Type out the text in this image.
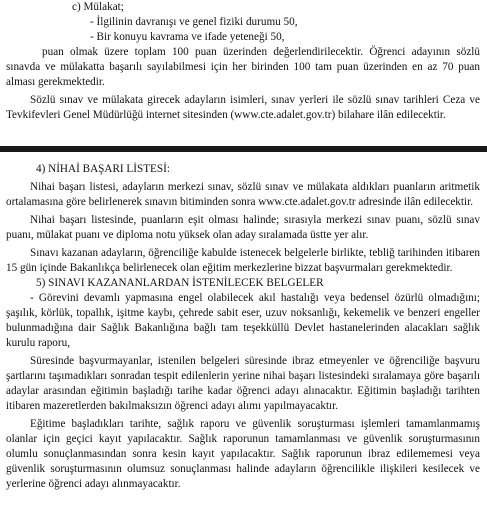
c) Mülakat;

- İlgilinin davranışı ve genel fiziki durumu 50,

- Bir konuyu kavrama ve ifade yeteneği 50,

puan olmak üzere toplam 100 puan üzerinden değerlendirilecektir. Öğrenci adayının sözlü sınavda ve mülakatta başarılı sayılabilmesi için her birinden 100 tam puan üzerinden en az 70 puan alması gerekmektedir.

Sözlü sınav ve mülakata girecek adayların isimleri, sınav yerleri ile sözlü sınav tarihleri Ceza ve Tevkifevleri Genel Müdürlüğü internet sitesinden (www.cte.adalet.gov.tr) bilahare ilân edilecektir.

4) NİHAİ BAŞARI LİSTESİ:

Nihai başarı listesi, adayların merkezi sınav, sözlü sınav ve mülakata aldıkları puanların aritmetik ortalamasına göre belirlenerek sınavın bitiminden sonra www.cte.adalet.gov.tr adresinde ilân edilecektir.

Nihai başarı listesinde, puanların eşit olması halinde; sırasıyla merkezi sınav puanı, sözlü sınav puanı, mülakat puanı ve diploma notu yüksek olan aday sıralamada üstte yer alır.

Sınavı kazanan adayların, öğrenciliğe kabulde istenecek belgelerle birlikte, tebliğ tarihinden itibaren 15 gün içinde Bakanlıkça belirlenecek olan eğitim merkezlerine bizzat başvurmaları gerekmektedir.

5) SINAVI KAZANANLARDAN İSTENİLECEK BELGELER

- Görevini devamlı yapmasına engel olabilecek akıl hastalığı veya bedensel özürlü olmadığını; şaşılık, körlük, topallık, işitme kaybı, çehrede sabit eser, uzuv noksanlığı, kekemelik ve benzeri engeller bulunmadığına dair Sağlık Bakanlığına bağlı tam teşekküllü Devlet hastanelerinden alacakları sağlık kurulu raporu,

Süresinde başvurmayanlar, istenilen belgeleri süresinde ibraz etmeyenler ve öğrenciliğe başvuru şartlarını taşımadıkları sonradan tespit edilenlerin yerine nihai başarı listesindeki sıralamaya göre başarılı adaylar arasından eğitimin başladığı tarihe kadar öğrenci adayı alınacaktır. Eğitimin başladığı tarihten itibaren mazeretlerden bakılmaksızın öğrenci adayı alımı yapılmayacaktır.

Eğitime başladıkları tarihte, sağlık raporu ve güvenlik soruşturması işlemleri tamamlanmamış olanlar için geçici kayıt yapılacaktır. Sağlık raporunun tamamlanması ve güvenlik soruşturmasının olumlu sonuçlanmasından sonra kesin kayıt yapılacaktır. Sağlık raporunun ibraz edilememesi veya güvenlik soruşturmasının olumsuz sonuçlanması halinde adayların öğrencilikle ilişkileri kesilecek ve yerlerine öğrenci adayı alınmayacaktır.
